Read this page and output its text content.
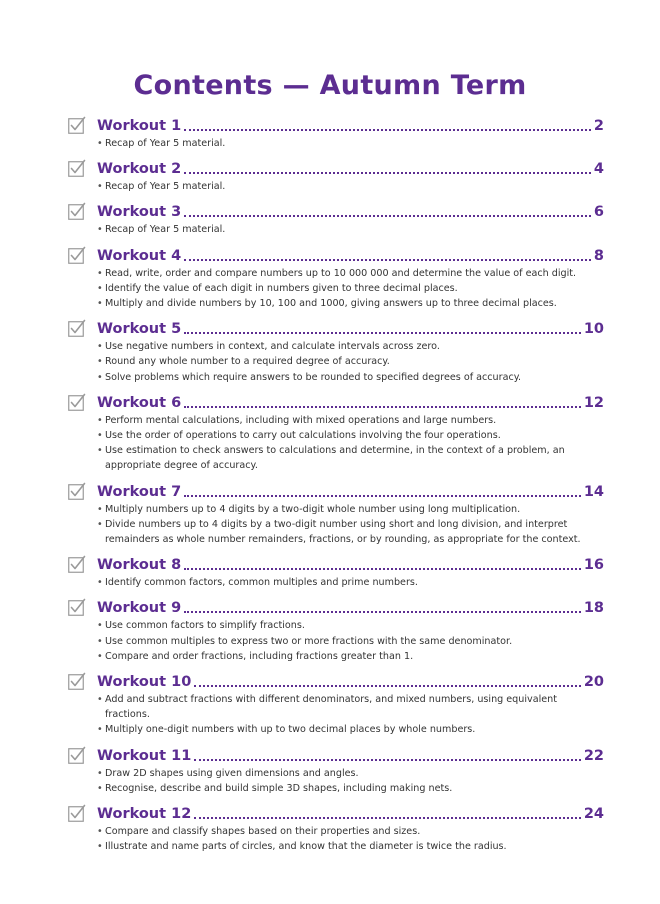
Contents — Autumn Term
Workout 1	2
• Recap of Year 5 material.
Workout 2	4
• Recap of Year 5 material.
Workout 3	6
• Recap of Year 5 material.
Workout 4	8
• Read, write, order and compare numbers up to 10 000 000 and determine the value of each digit.
• Identify the value of each digit in numbers given to three decimal places.
• Multiply and divide numbers by 10, 100 and 1000, giving answers up to three decimal places.
Workout 5	10
• Use negative numbers in context, and calculate intervals across zero.
• Round any whole number to a required degree of accuracy.
• Solve problems which require answers to be rounded to specified degrees of accuracy.
Workout 6	12
• Perform mental calculations, including with mixed operations and large numbers.
• Use the order of operations to carry out calculations involving the four operations.
• Use estimation to check answers to calculations and determine, in the context of a problem, an appropriate degree of accuracy.
Workout 7	14
• Multiply numbers up to 4 digits by a two-digit whole number using long multiplication.
• Divide numbers up to 4 digits by a two-digit number using short and long division, and interpret remainders as whole number remainders, fractions, or by rounding, as appropriate for the context.
Workout 8	16
• Identify common factors, common multiples and prime numbers.
Workout 9	18
• Use common factors to simplify fractions.
• Use common multiples to express two or more fractions with the same denominator.
• Compare and order fractions, including fractions greater than 1.
Workout 10	20
• Add and subtract fractions with different denominators, and mixed numbers, using equivalent fractions.
• Multiply one-digit numbers with up to two decimal places by whole numbers.
Workout 11	22
• Draw 2D shapes using given dimensions and angles.
• Recognise, describe and build simple 3D shapes, including making nets.
Workout 12	24
• Compare and classify shapes based on their properties and sizes.
• Illustrate and name parts of circles, and know that the diameter is twice the radius.
